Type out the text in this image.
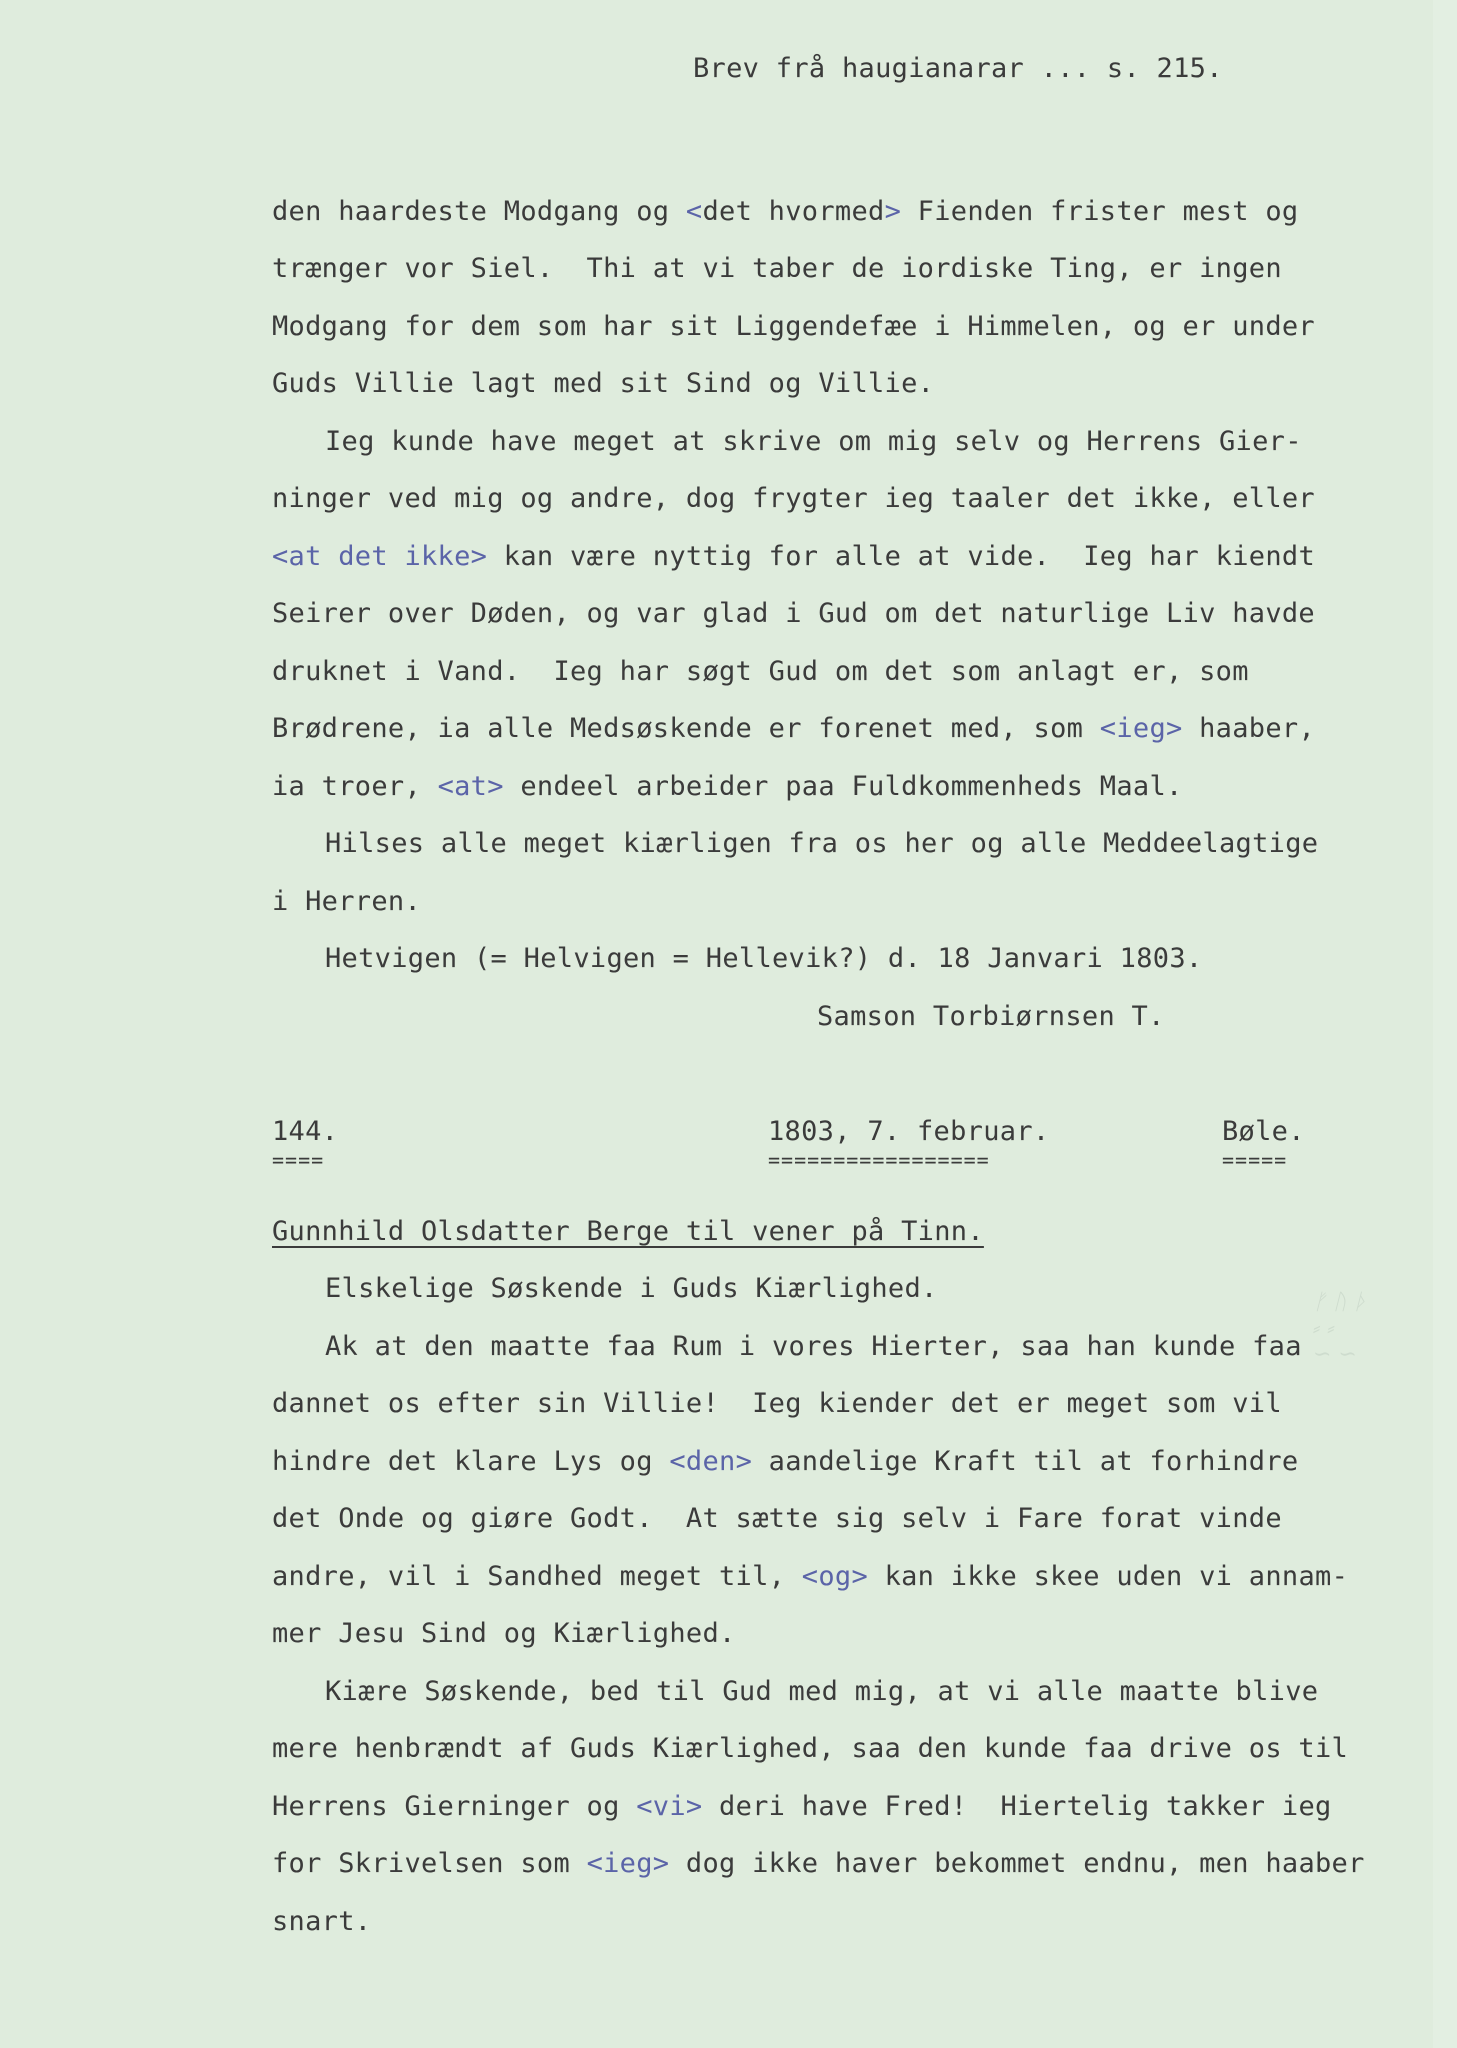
ᚠ ᚢ ᚦ
⸗ ⸗
∽ ∽
Brev frå haugianarar ... s. 215.
den haardeste Modgang og <det hvormed> Fienden frister mest og
trænger vor Siel.  Thi at vi taber de iordiske Ting, er ingen
Modgang for dem som har sit Liggendefæe i Himmelen, og er under
Guds Villie lagt med sit Sind og Villie.
Ieg kunde have meget at skrive om mig selv og Herrens Gier-
ninger ved mig og andre, dog frygter ieg taaler det ikke, eller
<at det ikke> kan være nyttig for alle at vide.  Ieg har kiendt
Seirer over Døden, og var glad i Gud om det naturlige Liv havde
druknet i Vand.  Ieg har søgt Gud om det som anlagt er, som
Brødrene, ia alle Medsøskende er forenet med, som <ieg> haaber,
ia troer, <at> endeel arbeider paa Fuldkommenheds Maal.
Hilses alle meget kiærligen fra os her og alle Meddeelagtige
i Herren.
Hetvigen (= Helvigen = Hellevik?) d. 18 Janvari 1803.
Samson Torbiørnsen T.
144.
====
1803, 7. februar.
=================
Bøle.
=====
Gunnhild Olsdatter Berge til vener på Tinn.
Elskelige Søskende i Guds Kiærlighed.
Ak at den maatte faa Rum i vores Hierter, saa han kunde faa
dannet os efter sin Villie!  Ieg kiender det er meget som vil
hindre det klare Lys og <den> aandelige Kraft til at forhindre
det Onde og giøre Godt.  At sætte sig selv i Fare forat vinde
andre, vil i Sandhed meget til, <og> kan ikke skee uden vi annam-
mer Jesu Sind og Kiærlighed.
Kiære Søskende, bed til Gud med mig, at vi alle maatte blive
mere henbrændt af Guds Kiærlighed, saa den kunde faa drive os til
Herrens Gierninger og <vi> deri have Fred!  Hiertelig takker ieg
for Skrivelsen som <ieg> dog ikke haver bekommet endnu, men haaber
snart.
